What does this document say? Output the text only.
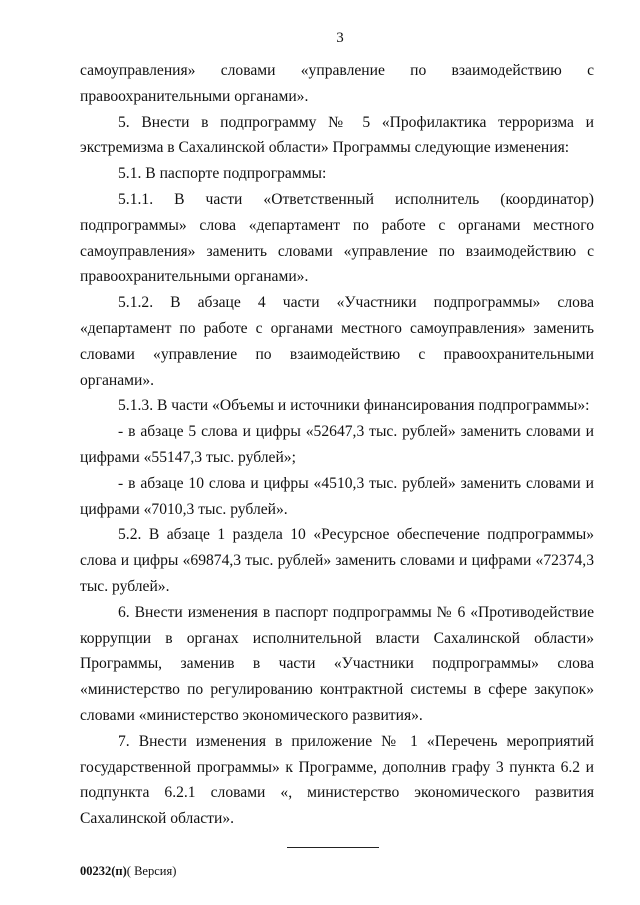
3

самоуправления» словами «управление по взаимодействию с правоохранительными органами».

5. Внести в подпрограмму № 5 «Профилактика терроризма и экстремизма в Сахалинской области» Программы следующие изменения:

5.1. В паспорте подпрограммы:

5.1.1. В части «Ответственный исполнитель (координатор) подпрограммы» слова «департамент по работе с органами местного самоуправления» заменить словами «управление по взаимодействию с правоохранительными органами».

5.1.2. В абзаце 4 части «Участники подпрограммы» слова «департамент по работе с органами местного самоуправления» заменить словами «управление по взаимодействию с правоохранительными органами».

5.1.3. В части «Объемы и источники финансирования подпрограммы»:

- в абзаце 5 слова и цифры «52647,3 тыс. рублей» заменить словами и цифрами «55147,3 тыс. рублей»;

- в абзаце 10 слова и цифры «4510,3 тыс. рублей» заменить словами и цифрами «7010,3 тыс. рублей».

5.2. В абзаце 1 раздела 10 «Ресурсное обеспечение подпрограммы» слова и цифры «69874,3 тыс. рублей» заменить словами и цифрами «72374,3 тыс. рублей».

6. Внести изменения в паспорт подпрограммы № 6 «Противодействие коррупции в органах исполнительной власти Сахалинской области» Программы, заменив в части «Участники подпрограммы» слова «министерство по регулированию контрактной системы в сфере закупок» словами «министерство экономического развития».

7. Внести изменения в приложение № 1 «Перечень мероприятий государственной программы» к Программе, дополнив графу 3 пункта 6.2 и подпункта 6.2.1 словами «, министерство экономического развития Сахалинской области».

00232(п)( Версия)
